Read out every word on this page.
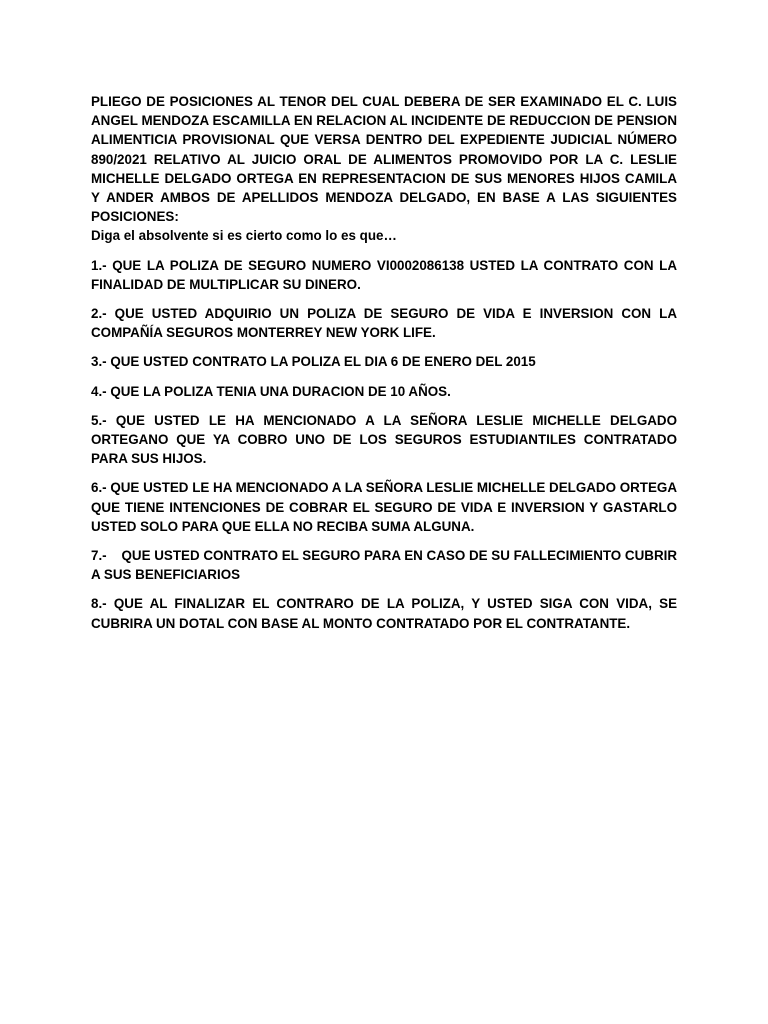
PLIEGO DE POSICIONES AL TENOR DEL CUAL DEBERA DE SER EXAMINADO EL C. LUIS ANGEL MENDOZA ESCAMILLA EN RELACION AL INCIDENTE DE REDUCCION DE PENSION ALIMENTICIA PROVISIONAL QUE VERSA DENTRO DEL EXPEDIENTE JUDICIAL NÚMERO 890/2021 RELATIVO AL JUICIO ORAL DE ALIMENTOS PROMOVIDO POR LA C. LESLIE MICHELLE DELGADO ORTEGA EN REPRESENTACION DE SUS MENORES HIJOS CAMILA Y ANDER AMBOS DE APELLIDOS MENDOZA DELGADO, EN BASE A LAS SIGUIENTES POSICIONES:

Diga el absolvente si es cierto como lo es que…

1.- QUE LA POLIZA DE SEGURO NUMERO VI0002086138 USTED LA CONTRATO CON LA FINALIDAD DE MULTIPLICAR SU DINERO.

2.- QUE USTED ADQUIRIO UN POLIZA DE SEGURO DE VIDA E INVERSION CON LA COMPAÑÍA SEGUROS MONTERREY NEW YORK LIFE.

3.- QUE USTED CONTRATO LA POLIZA EL DIA 6 DE ENERO DEL 2015

4.- QUE LA POLIZA TENIA UNA DURACION DE 10 AÑOS.

5.- QUE USTED LE HA MENCIONADO A LA SEÑORA LESLIE MICHELLE DELGADO ORTEGANO QUE YA COBRO UNO DE LOS SEGUROS ESTUDIANTILES CONTRATADO PARA SUS HIJOS.

6.- QUE USTED LE HA MENCIONADO A LA SEÑORA LESLIE MICHELLE DELGADO ORTEGA QUE TIENE INTENCIONES DE COBRAR EL SEGURO DE VIDA E INVERSION Y GASTARLO USTED SOLO PARA QUE ELLA NO RECIBA SUMA ALGUNA.

7.-    QUE USTED CONTRATO EL SEGURO PARA EN CASO DE SU FALLECIMIENTO CUBRIR A SUS BENEFICIARIOS

8.- QUE AL FINALIZAR EL CONTRARO DE LA POLIZA, Y USTED SIGA CON VIDA, SE CUBRIRA UN DOTAL CON BASE AL MONTO CONTRATADO POR EL CONTRATANTE.
